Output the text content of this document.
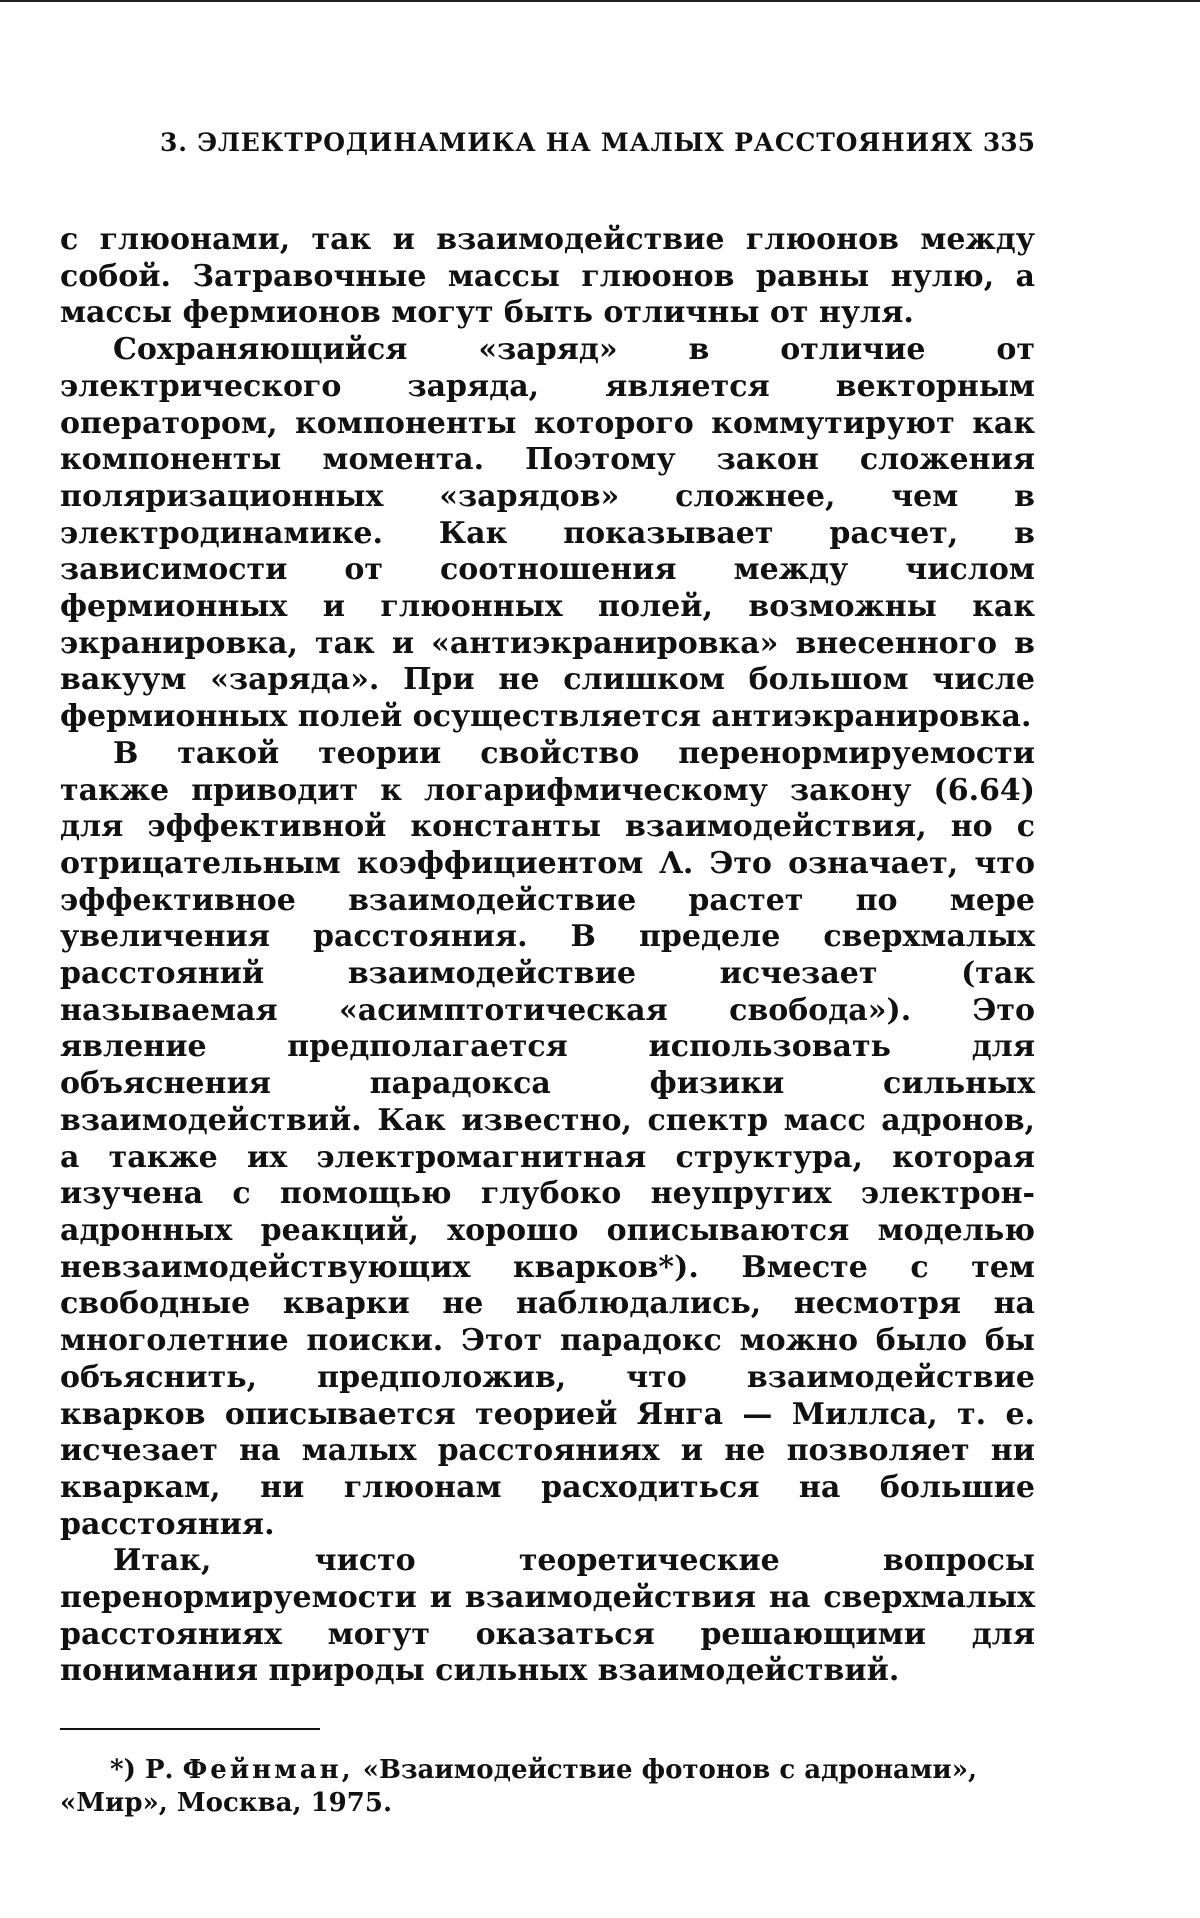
3. ЭЛЕКТРОДИНАМИКА НА МАЛЫХ РАССТОЯНИЯХ 335

с глюонами, так и взаимодействие глюонов между собой. Затравочные массы глюонов равны нулю, а массы фермионов могут быть отличны от нуля.

Сохраняющийся «заряд» в отличие от электрического заряда, является векторным оператором, компоненты которого коммутируют как компоненты момента. Поэтому закон сложения поляризационных «зарядов» сложнее, чем в электродинамике. Как показывает расчет, в зависимости от соотношения между числом фермионных и глюонных полей, возможны как экранировка, так и «антиэкранировка» внесенного в вакуум «заряда». При не слишком большом числе фермионных полей осуществляется антиэкранировка.

В такой теории свойство перенормируемости также приводит к логарифмическому закону (6.64) для эффективной константы взаимодействия, но с отрицательным коэффициентом Λ. Это означает, что эффективное взаимодействие растет по мере увеличения расстояния. В пределе сверхмалых расстояний взаимодействие исчезает (так называемая «асимптотическая свобода»). Это явление предполагается использовать для объяснения парадокса физики сильных взаимодействий. Как известно, спектр масс адронов, а также их электромагнитная структура, которая изучена с помощью глубоко неупругих электрон-адронных реакций, хорошо описываются моделью невзаимодействующих кварков*). Вместе с тем свободные кварки не наблюдались, несмотря на многолетние поиски. Этот парадокс можно было бы объяснить, предположив, что взаимодействие кварков описывается теорией Янга — Миллса, т. е. исчезает на малых расстояниях и не позволяет ни кваркам, ни глюонам расходиться на большие расстояния.

Итак, чисто теоретические вопросы перенормируемости и взаимодействия на сверхмалых расстояниях могут оказаться решающими для понимания природы сильных взаимодействий.

*) Р. Фейнман, «Взаимодействие фотонов с адронами», «Мир», Москва, 1975.
